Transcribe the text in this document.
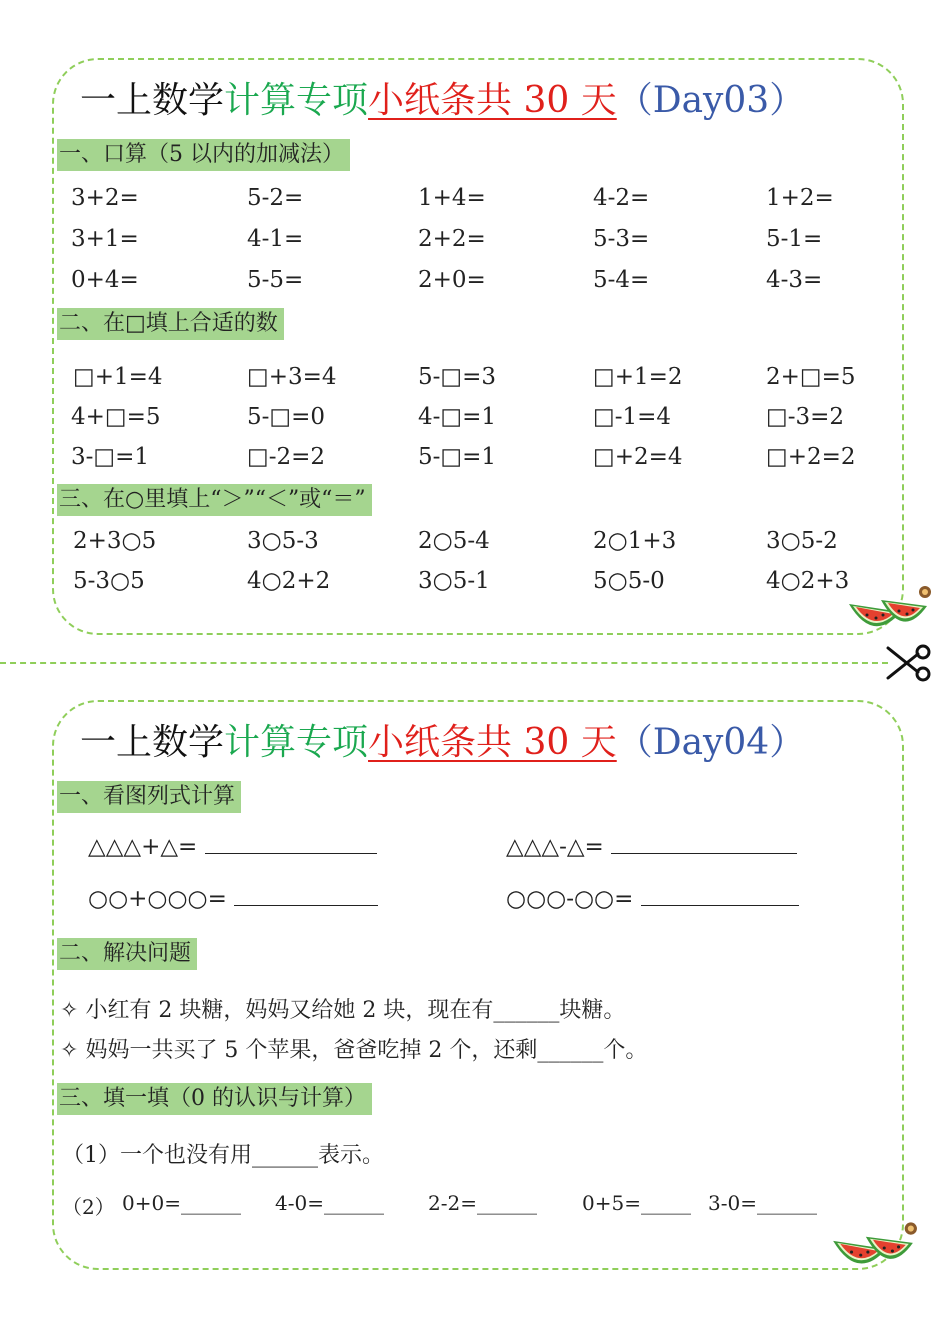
一上数学计算专项小纸条共 30 天（Day03）
一、口算（5 以内的加减法）
3+2=	5-2=	1+4=	4-2=	1+2=
3+1=	4-1=	2+2=	5-3=	5-1=
0+4=	5-5=	2+0=	5-4=	4-3=
二、在□填上合适的数
□+1=4	□+3=4	5-□=3	□+1=2	2+□=5
4+□=5	5-□=0	4-□=1	□-1=4	□-3=2
3-□=1	□-2=2	5-□=1	□+2=4	□+2=2
三、在○里填上“＞”“＜”或“＝”
2+3○5	3○5-3	2○5-4	2○1+3	3○5-2
5-3○5	4○2+2	3○5-1	5○5-0	4○2+3
一上数学计算专项小纸条共 30 天（Day04）
一、看图列式计算
△△△+△=	△△△-△=
○○+○○○=	○○○-○○=
二、解决问题
✧ 小红有 2 块糖，妈妈又给她 2 块，现在有______块糖。
✧ 妈妈一共买了 5 个苹果，爸爸吃掉 2 个，还剩______个。
三、填一填（0 的认识与计算）
（1）一个也没有用______表示。
（2） 0+0=______ 4-0=______ 2-2=______ 0+5=_____ 3-0=______
